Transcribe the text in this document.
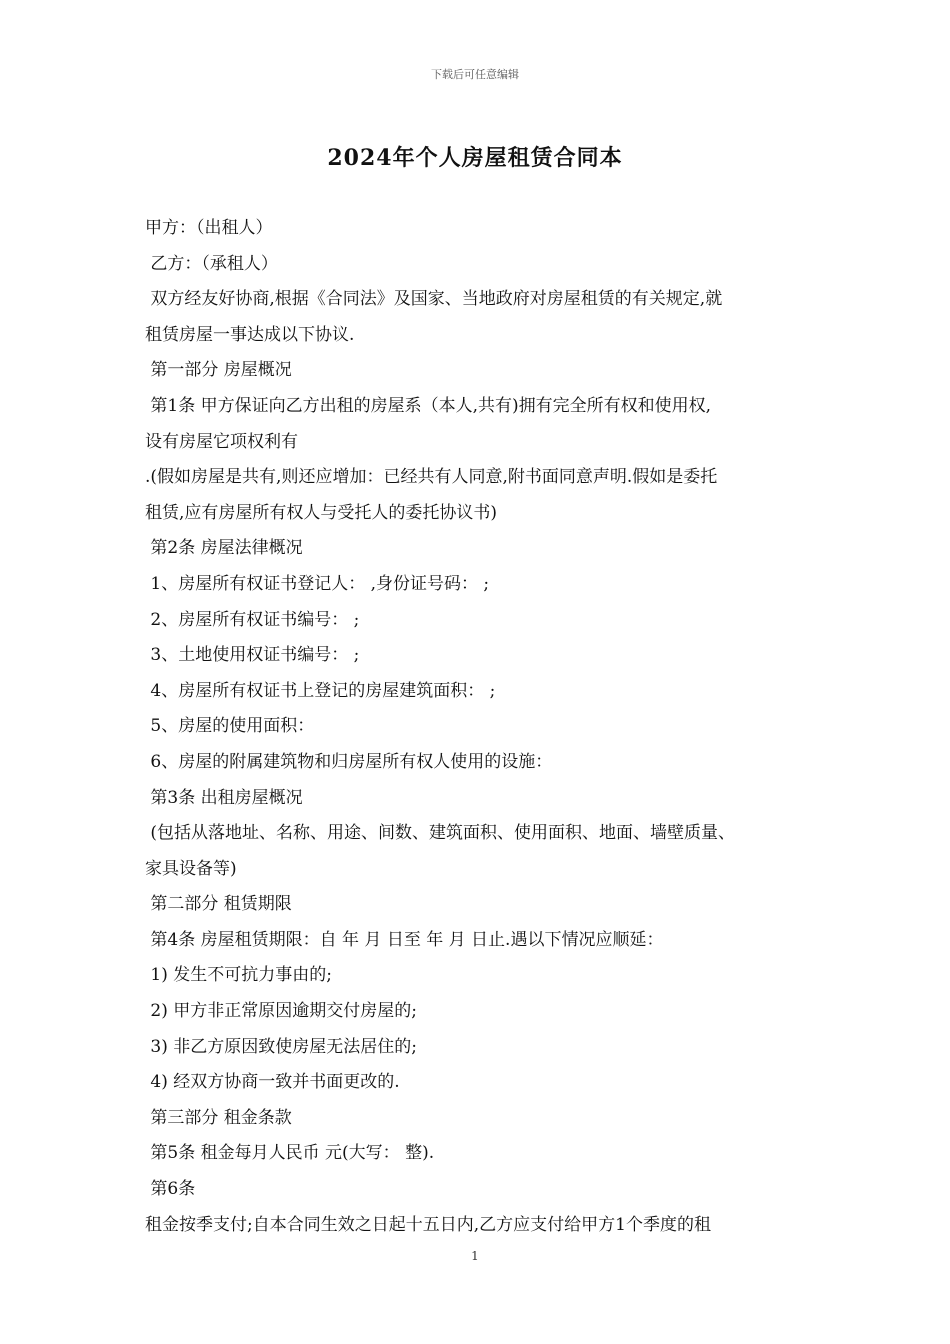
下载后可任意编辑
2024年个人房屋租赁合同本
甲方：（出租人）
乙方：（承租人）
双方经友好协商,根据《合同法》及国家、当地政府对房屋租赁的有关规定,就
租赁房屋一事达成以下协议.
第一部分 房屋概况
第1条 甲方保证向乙方出租的房屋系（本人,共有)拥有完全所有权和使用权,
设有房屋它项权利有
.(假如房屋是共有,则还应增加：已经共有人同意,附书面同意声明.假如是委托
租赁,应有房屋所有权人与受托人的委托协议书)
第2条 房屋法律概况
1、房屋所有权证书登记人： ,身份证号码： ;
2、房屋所有权证书编号： ;
3、土地使用权证书编号： ;
4、房屋所有权证书上登记的房屋建筑面积： ;
5、房屋的使用面积：
6、房屋的附属建筑物和归房屋所有权人使用的设施：
第3条 出租房屋概况
(包括从落地址、名称、用途、间数、建筑面积、使用面积、地面、墙壁质量、
家具设备等)
第二部分 租赁期限
第4条 房屋租赁期限：自 年 月 日至 年 月 日止.遇以下情况应顺延：
1) 发生不可抗力事由的;
2) 甲方非正常原因逾期交付房屋的;
3) 非乙方原因致使房屋无法居住的;
4) 经双方协商一致并书面更改的.
第三部分 租金条款
第5条 租金每月人民币 元(大写： 整).
第6条
租金按季支付;自本合同生效之日起十五日内,乙方应支付给甲方1个季度的租
1
